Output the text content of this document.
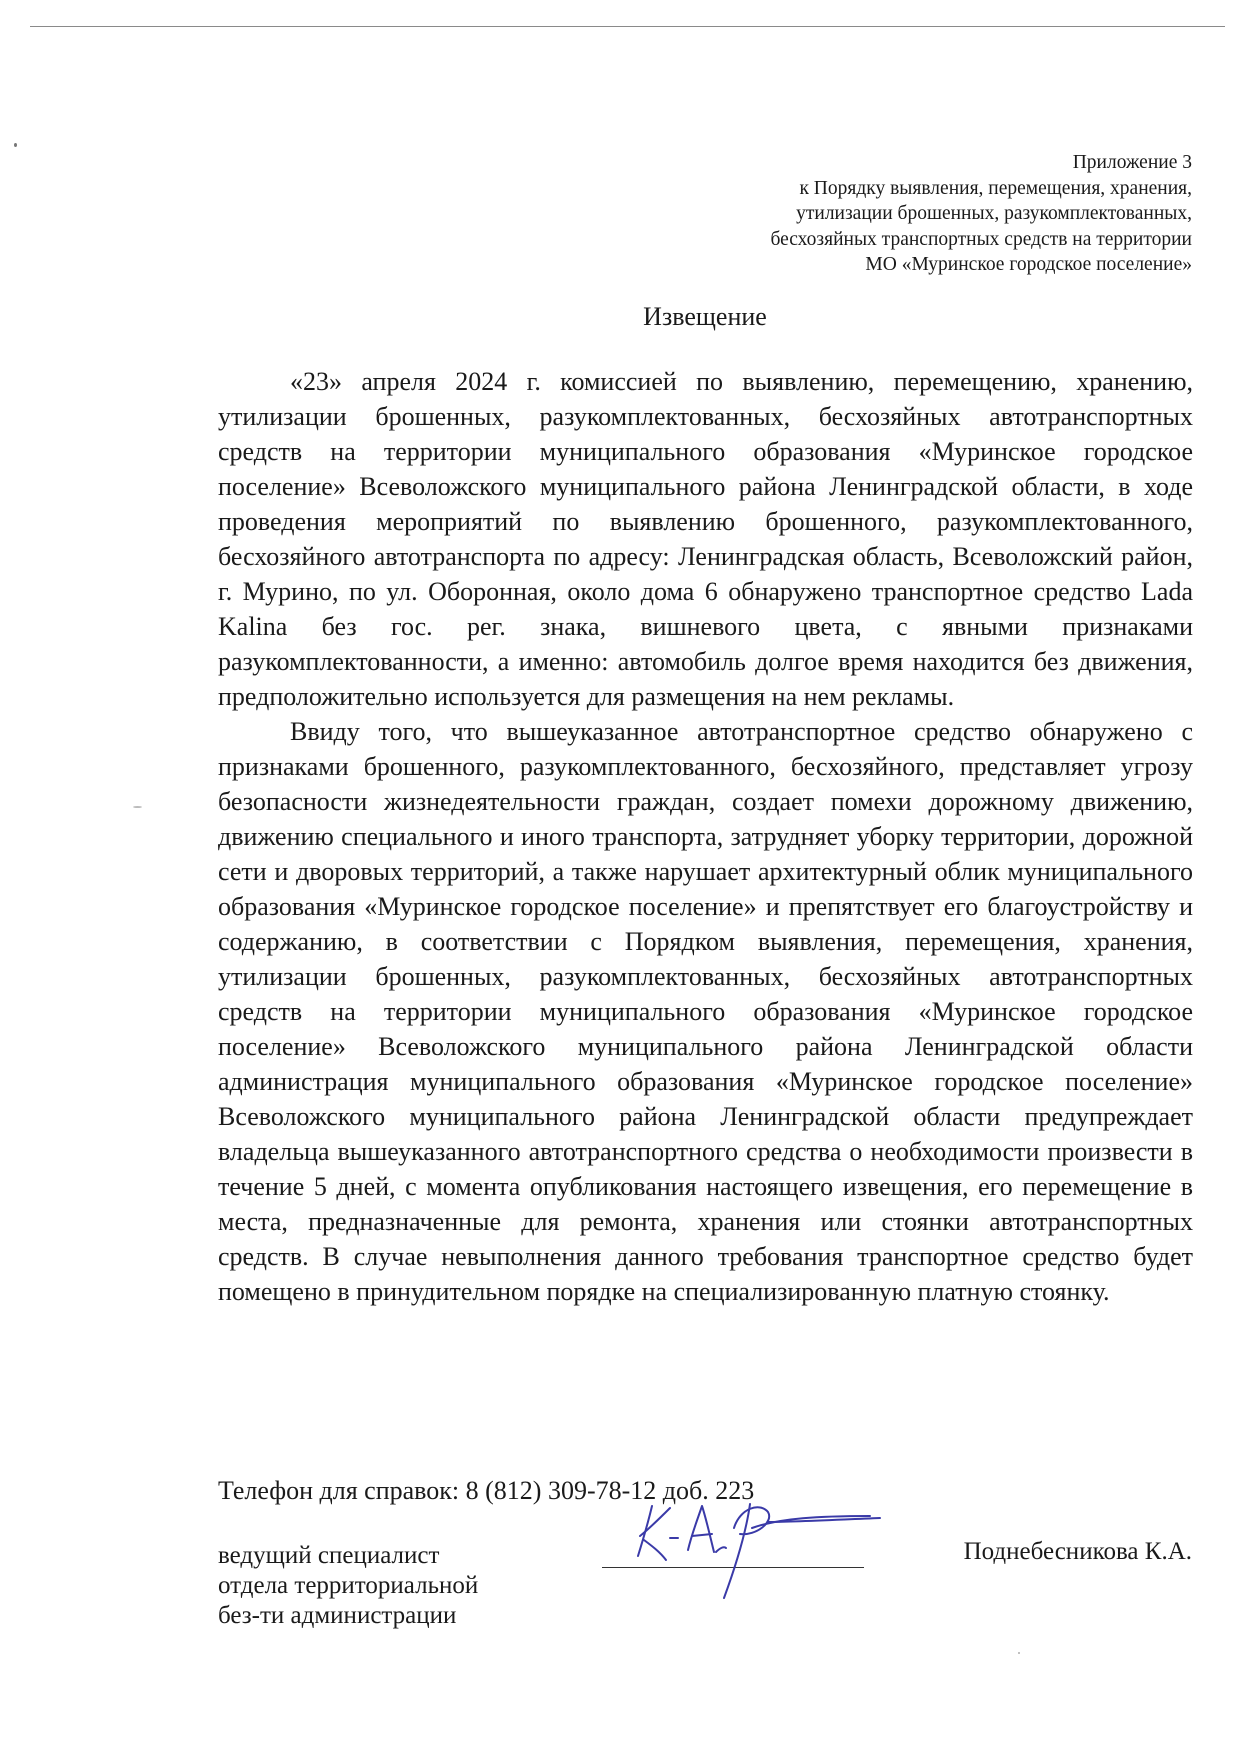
Приложение 3
к Порядку выявления, перемещения, хранения,
утилизации брошенных, разукомплектованных,
бесхозяйных транспортных средств на территории
МО «Муринское городское поселение»
Извещение

«23» апреля 2024 г. комиссией по выявлению, перемещению, хранению, утилизации брошенных, разукомплектованных, бесхозяйных автотранспортных средств на территории муниципального образования «Муринское городское поселение» Всеволожского муниципального района Ленинградской области, в ходе проведения мероприятий по выявлению брошенного, разукомплектованного, бесхозяйного автотранспорта по адресу: Ленинградская область, Всеволожский район, г. Мурино, по ул. Оборонная, около дома 6 обнаружено транспортное средство Lada Kalina без гос. рег. знака, вишневого цвета, с явными признаками разукомплектованности, а именно: автомобиль долгое время находится без движения, предположительно используется для размещения на нем рекламы.

Ввиду того, что вышеуказанное автотранспортное средство обнаружено с признаками брошенного, разукомплектованного, бесхозяйного, представляет угрозу безопасности жизнедеятельности граждан, создает помехи дорожному движению, движению специального и иного транспорта, затрудняет уборку территории, дорожной сети и дворовых территорий, а также нарушает архитектурный облик муниципального образования «Муринское городское поселение» и препятствует его благоустройству и содержанию, в соответствии с Порядком выявления, перемещения, хранения, утилизации брошенных, разукомплектованных, бесхозяйных автотранспортных средств на территории муниципального образования «Муринское городское поселение» Всеволожского муниципального района Ленинградской области администрация муниципального образования «Муринское городское поселение» Всеволожского муниципального района Ленинградской области предупреждает владельца вышеуказанного автотранспортного средства о необходимости произвести в течение 5 дней, с момента опубликования настоящего извещения, его перемещение в места, предназначенные для ремонта, хранения или стоянки автотранспортных средств. В случае невыполнения данного требования транспортное средство будет помещено в принудительном порядке на специализированную платную стоянку.

Телефон для справок: 8 (812) 309-78-12 доб. 223
ведущий специалист
отдела территориальной
без-ти администрации
Поднебесникова К.А.
